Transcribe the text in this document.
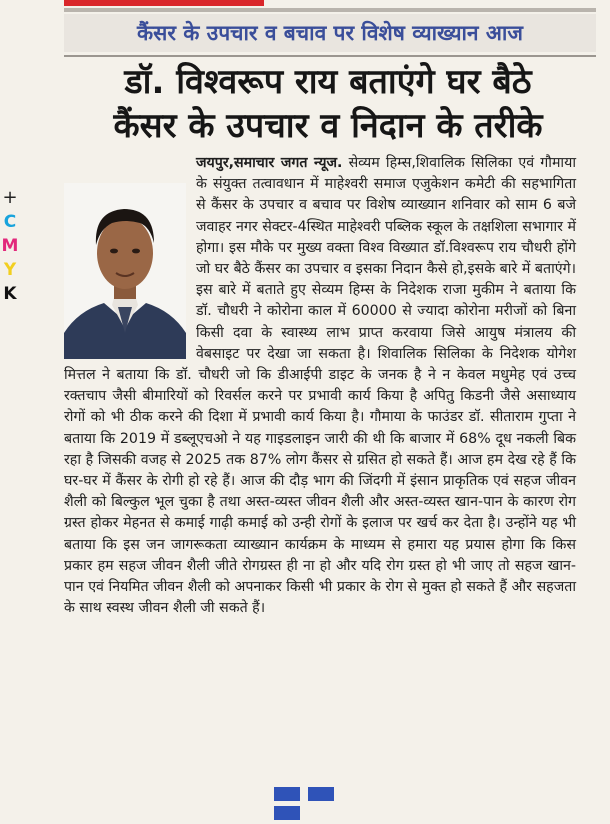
+
C
M
Y
K
कैंसर के उपचार व बचाव पर विशेष व्याख्यान आज
डॉ. विश्वरूप राय बताएंगे घर बैठे
कैंसर के उपचार व निदान के तरीके
जयपुर,समाचार जगत न्यूज. सेव्यम हिम्स,शिवालिक सिलिका एवं गौमाया के संयुक्त तत्वावधान में माहेश्वरी समाज एजुकेशन कमेटी की सहभागिता से कैंसर के उपचार व बचाव पर विशेष व्याख्यान शनिवार को साम 6 बजे जवाहर नगर सेक्टर-4स्थित माहेश्वरी पब्लिक स्कूल के तक्षशिला सभागार में होगा। इस मौके पर मुख्य वक्ता विश्व विख्यात डॉ.विश्वरूप राय चौधरी होंगे जो घर बैठे कैंसर का उपचार व इसका निदान कैसे हो,इसके बारे में बताएंगे। इस बारे में बताते हुए सेव्यम हिम्स के निदेशक राजा मुकीम ने बताया कि डॉ. चौधरी ने कोरोना काल में 60000 से ज्यादा कोरोना मरीजों को बिना किसी दवा के स्वास्थ्य लाभ प्राप्त करवाया जिसे आयुष मंत्रालय की वेबसाइट पर देखा जा सकता है। शिवालिक सिलिका के निदेशक योगेश मित्तल ने बताया कि डॉ. चौधरी जो कि डीआईपी डाइट के जनक है ने न केवल मधुमेह एवं उच्च रक्तचाप जैसी बीमारियों को रिवर्सल करने पर प्रभावी कार्य किया है अपितु किडनी जैसे असाध्याय रोगों को भी ठीक करने की दिशा में प्रभावी कार्य किया है। गौमाया के फाउंडर डॉ. सीताराम गुप्ता ने बताया कि 2019 में डब्लूएचओ ने यह गाइडलाइन जारी की थी कि बाजार में 68% दूध नकली बिक रहा है जिसकी वजह से 2025 तक 87% लोग कैंसर से ग्रसित हो सकते हैं। आज हम देख रहे हैं कि घर-घर में कैंसर के रोगी हो रहे हैं। आज की दौड़ भाग की जिंदगी में इंसान प्राकृतिक एवं सहज जीवन शैली को बिल्कुल भूल चुका है तथा अस्त-व्यस्त जीवन शैली और अस्त-व्यस्त खान-पान के कारण रोग ग्रस्त होकर मेहनत से कमाई गाढ़ी कमाई को उन्ही रोगों के इलाज पर खर्च कर देता है। उन्होंने यह भी बताया कि इस जन जागरूकता व्याख्यान कार्यक्रम के माध्यम से हमारा यह प्रयास होगा कि किस प्रकार हम सहज जीवन शैली जीते रोगग्रस्त ही ना हो और यदि रोग ग्रस्त हो भी जाए तो सहज खान-पान एवं नियमित जीवन शैली को अपनाकर किसी भी प्रकार के रोग से मुक्त हो सकते हैं और सहजता के साथ स्वस्थ जीवन शैली जी सकते हैं।
